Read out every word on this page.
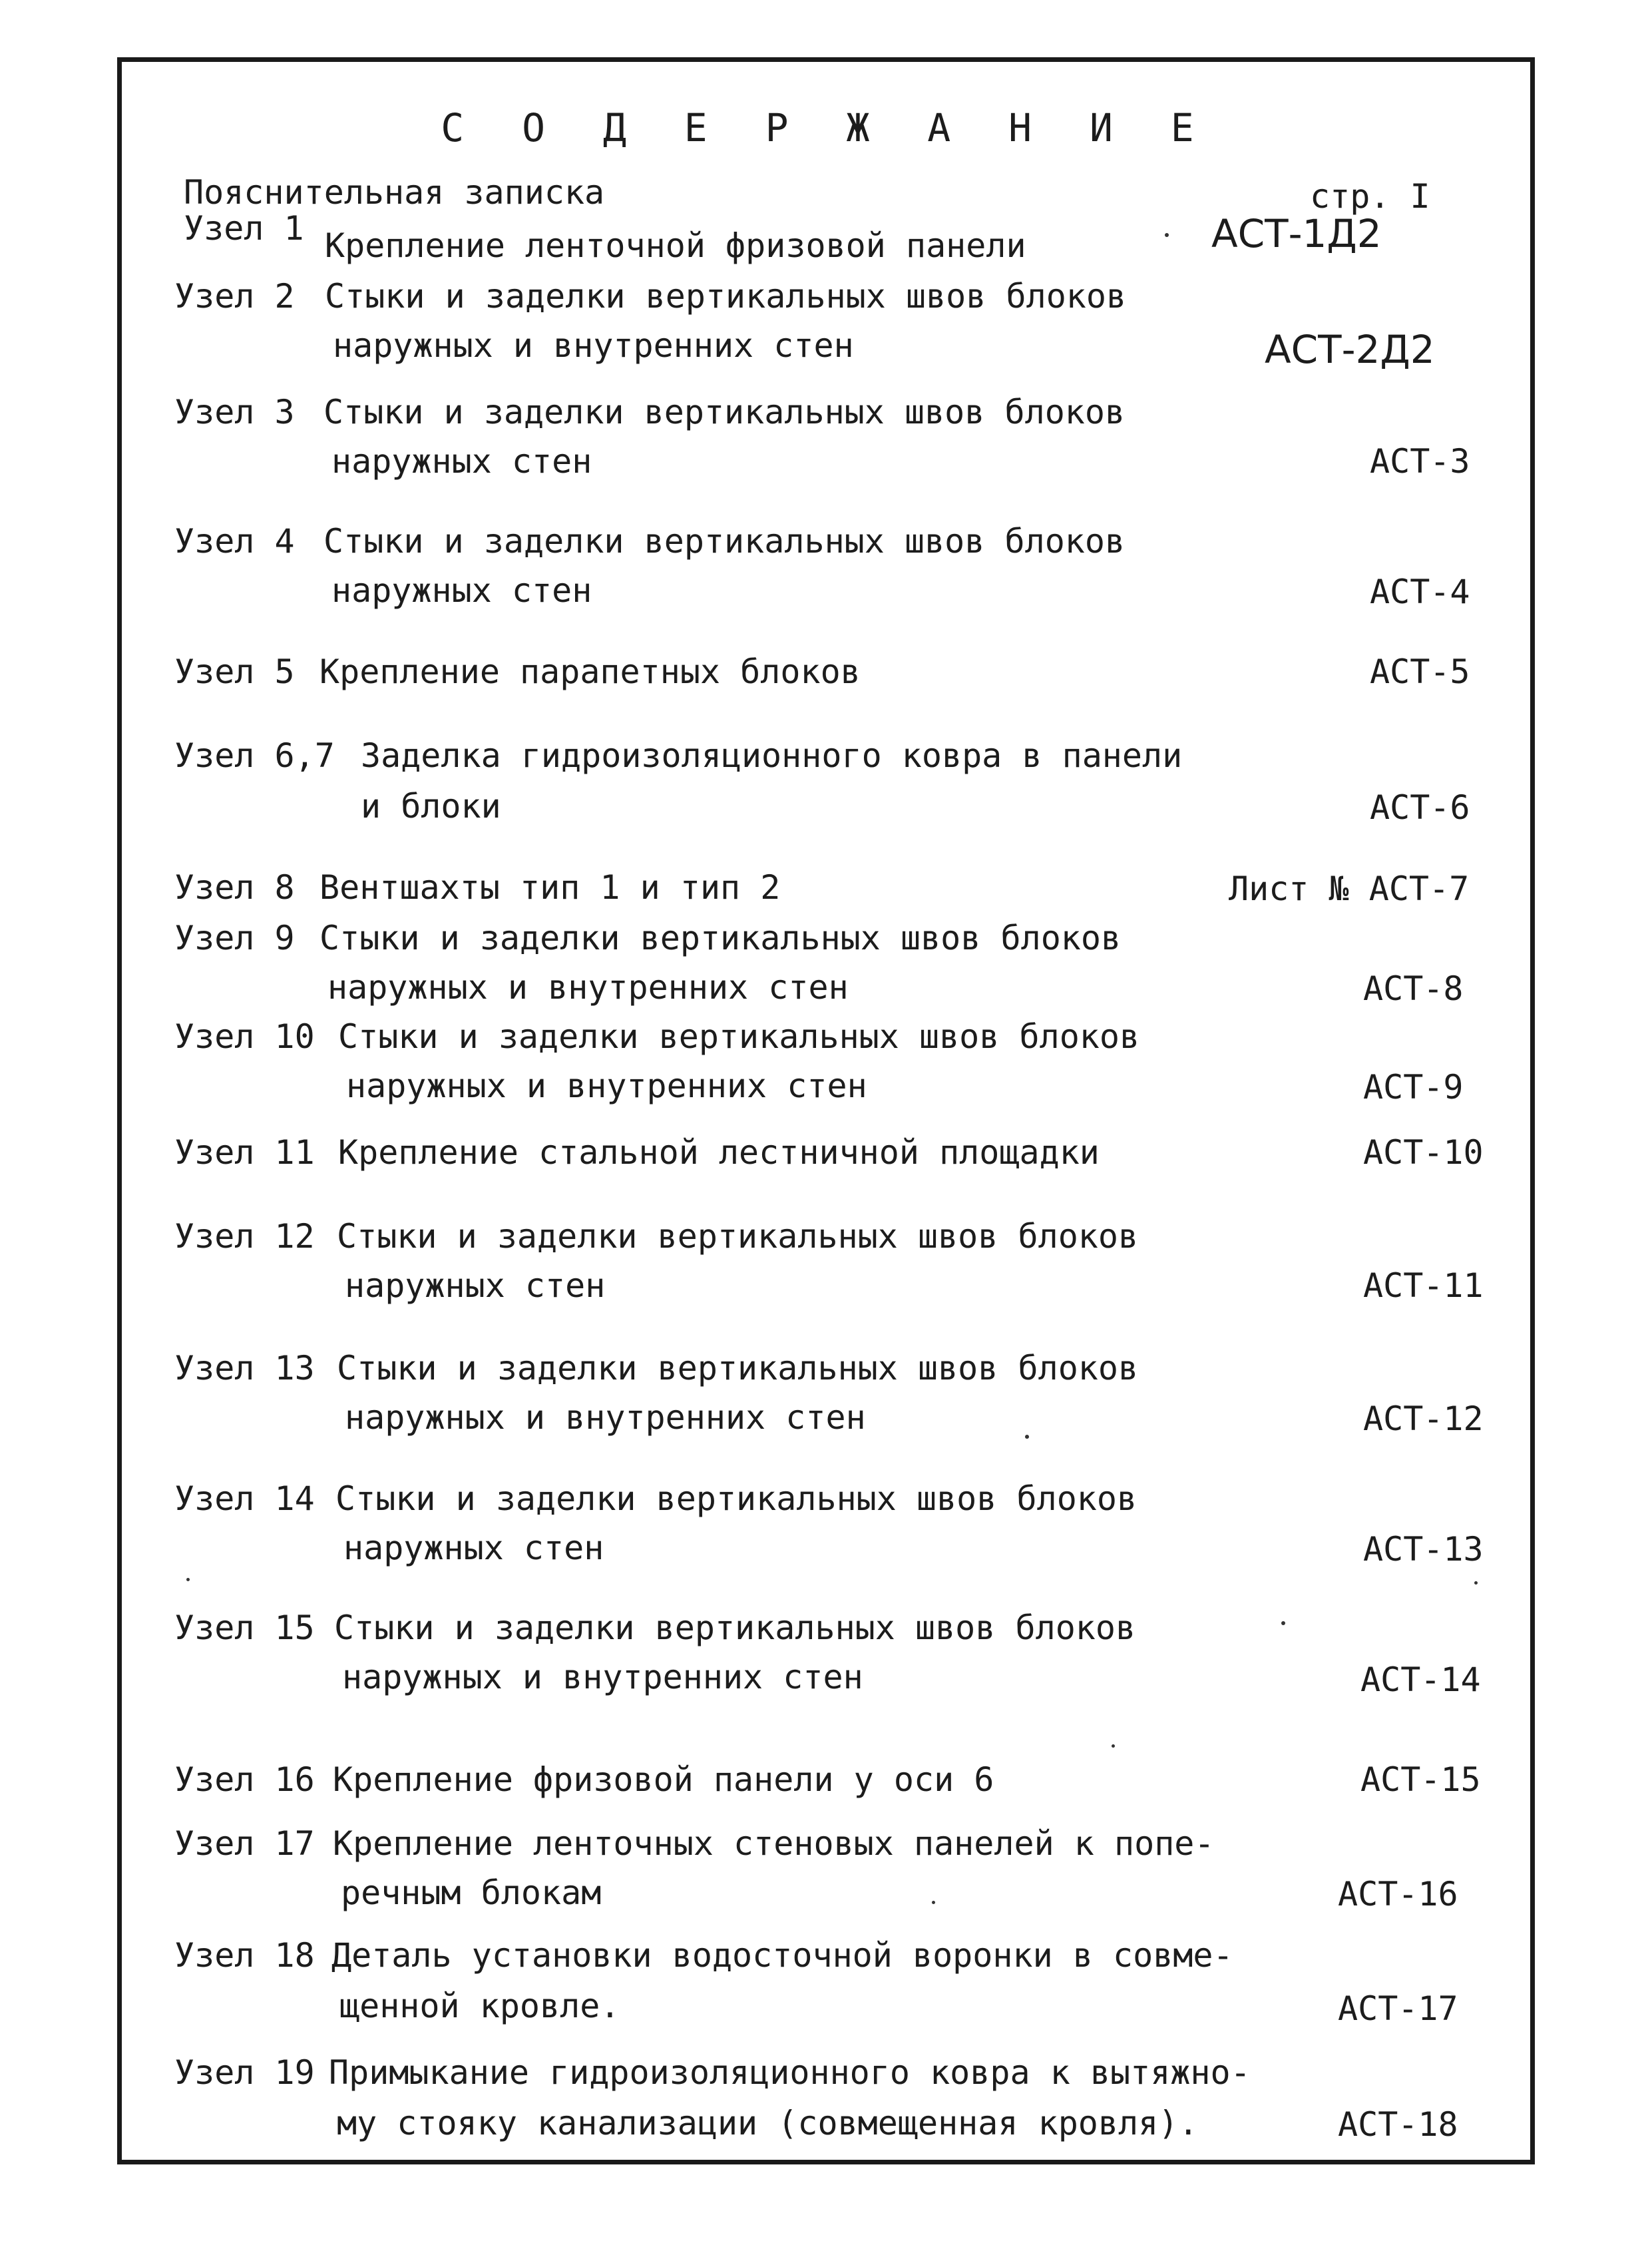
С О Д Е Р Ж А Н И Е
Пояснительная записка	стр. I
Узел 1 Крепление ленточной фризовой панели	АСТ-1Д2
Узел 2 Стыки и заделки вертикальных швов блоков
наружных и внутренних стен	АСТ-2Д2
Узел 3 Стыки и заделки вертикальных швов блоков
наружных стен	АСТ-3
Узел 4 Стыки и заделки вертикальных швов блоков
наружных стен	АСТ-4
Узел 5 Крепление парапетных блоков	АСТ-5
Узел 6,7 Заделка гидроизоляционного ковра в панели
и блоки	АСТ-6
Узел 8 Вентшахты тип 1 и тип 2	Лист № АСТ-7
Узел 9 Стыки и заделки вертикальных швов блоков
наружных и внутренних стен	АСТ-8
Узел 10 Стыки и заделки вертикальных швов блоков
наружных и внутренних стен	АСТ-9
Узел 11 Крепление стальной лестничной площадки	АСТ-10
Узел 12 Стыки и заделки вертикальных швов блоков
наружных стен	АСТ-11
Узел 13 Стыки и заделки вертикальных швов блоков
наружных и внутренних стен	АСТ-12
Узел 14 Стыки и заделки вертикальных швов блоков
наружных стен	АСТ-13
Узел 15 Стыки и заделки вертикальных швов блоков
наружных и внутренних стен	АСТ-14
Узел 16 Крепление фризовой панели у оси 6	АСТ-15
Узел 17 Крепление ленточных стеновых панелей к попе-
речным блокам	АСТ-16
Узел 18 Деталь установки водосточной воронки в совме-
щенной кровле.	АСТ-17
Узел 19 Примыкание гидроизоляционного ковра к вытяжно-
му стояку канализации (совмещенная кровля).	АСТ-18
